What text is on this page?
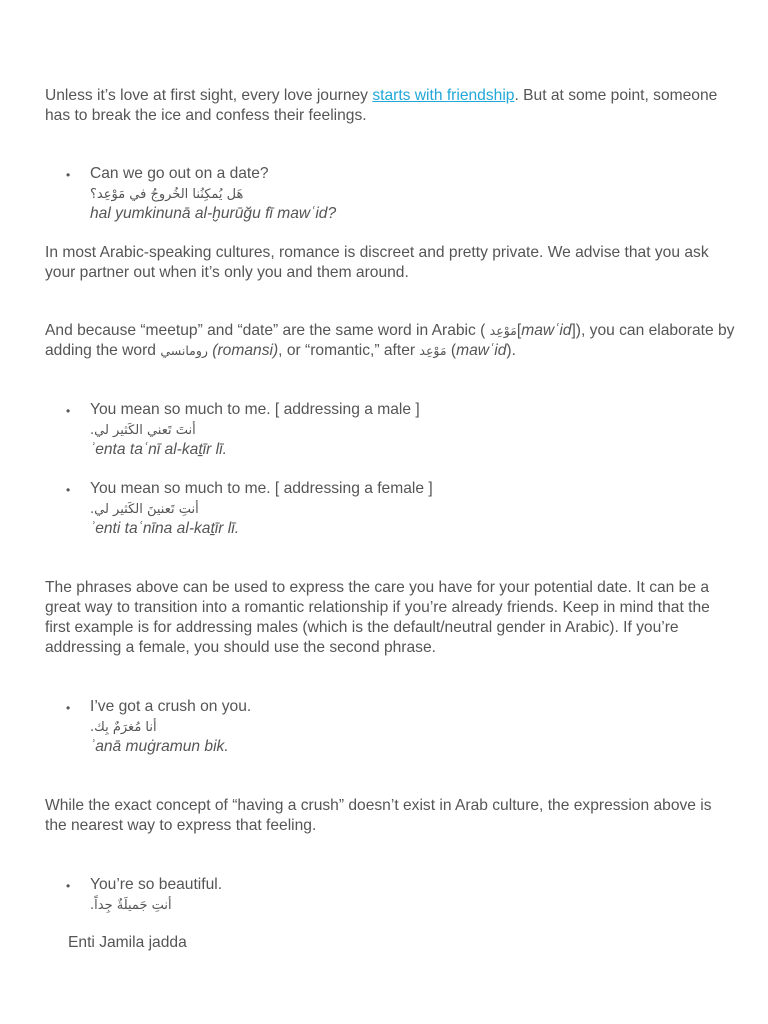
Unless it’s love at first sight, every love journey starts with friendship. But at some point, someone has to break the ice and confess their feelings.

• Can we go out on a date?
هَل يُمكِنُنا الخُروجُ في مَوْعِد؟
hal yumkinunā al-ḫurūğu fī mawʿid?

In most Arabic-speaking cultures, romance is discreet and pretty private. We advise that you ask your partner out when it’s only you and them around.

And because “meetup” and “date” are the same word in Arabic ( مَوْعِد[mawʿid]), you can elaborate by adding the word رومانسي (romansi), or “romantic,” after مَوْعِد (mawʿid).

• You mean so much to me. [ addressing a male ]
أنتَ تَعني الكَثير لي.
ʾenta taʿnī al-kaṯīr lī.
• You mean so much to me. [ addressing a female ]
أنتِ تَعنينَ الكَثير لي.
ʾenti taʿnīna al-kaṯīr lī.

The phrases above can be used to express the care you have for your potential date. It can be a great way to transition into a romantic relationship if you’re already friends. Keep in mind that the first example is for addressing males (which is the default/neutral gender in Arabic). If you’re addressing a female, you should use the second phrase.

• I’ve got a crush on you.
أنا مُغرَمٌ بِك.
ʾanā muġramun bik.

While the exact concept of “having a crush” doesn’t exist in Arab culture, the expression above is the nearest way to express that feeling.

• You’re so beautiful.
أنتِ جَميلَةٌ جِداً.

Enti Jamila jadda
